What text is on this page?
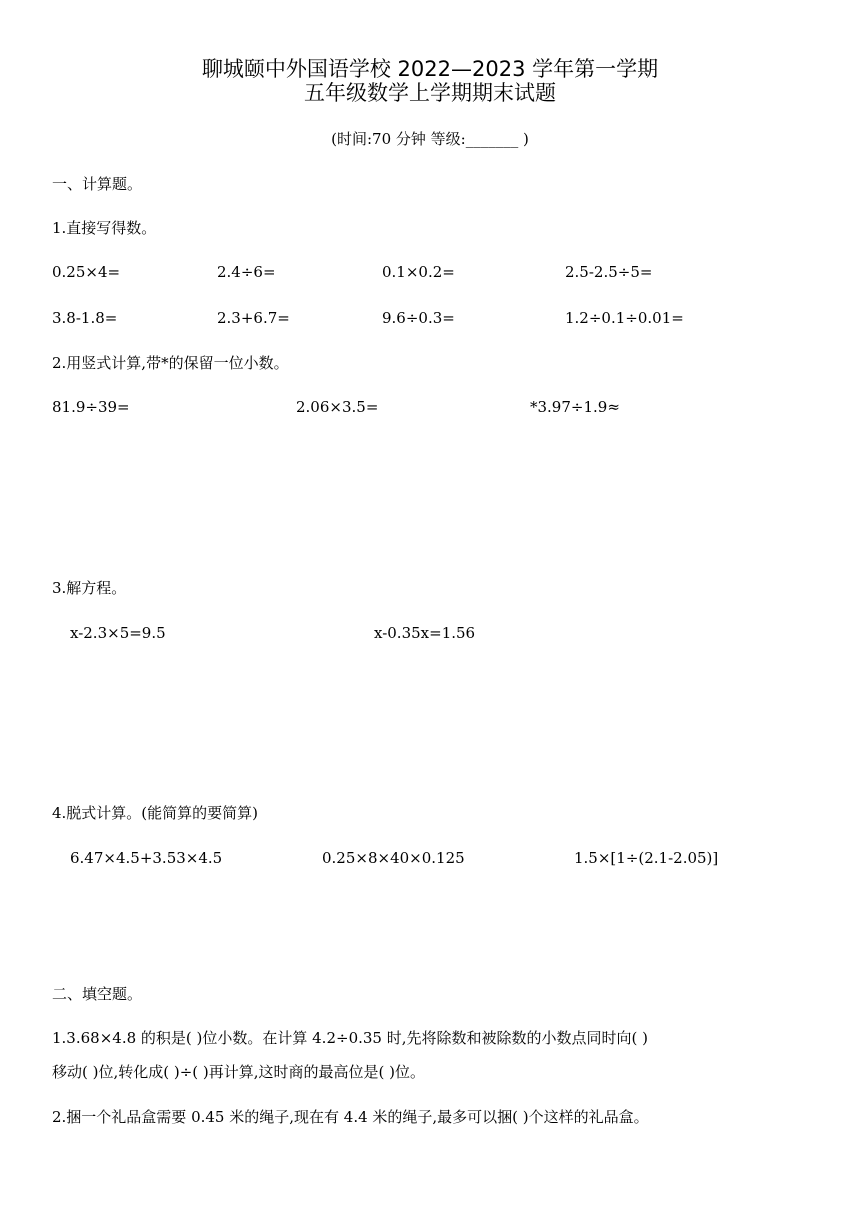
聊城颐中外国语学校 2022—2023 学年第一学期
五年级数学上学期期末试题
(时间:70 分钟 等级:_______ )
一、计算题。
1.直接写得数。
0.25×4=	2.4÷6=	0.1×0.2=	2.5-2.5÷5=
3.8-1.8=	2.3+6.7=	9.6÷0.3=	1.2÷0.1÷0.01=
2.用竖式计算,带*的保留一位小数。
81.9÷39=	2.06×3.5=	*3.97÷1.9≈
3.解方程。
x-2.3×5=9.5	x-0.35x=1.56
4.脱式计算。(能简算的要简算)
6.47×4.5+3.53×4.5	0.25×8×40×0.125	1.5×[1÷(2.1-2.05)]
二、填空题。
1.3.68×4.8 的积是( )位小数。在计算 4.2÷0.35 时,先将除数和被除数的小数点同时向( )
移动( )位,转化成( )÷( )再计算,这时商的最高位是( )位。
2.捆一个礼品盒需要 0.45 米的绳子,现在有 4.4 米的绳子,最多可以捆( )个这样的礼品盒。
